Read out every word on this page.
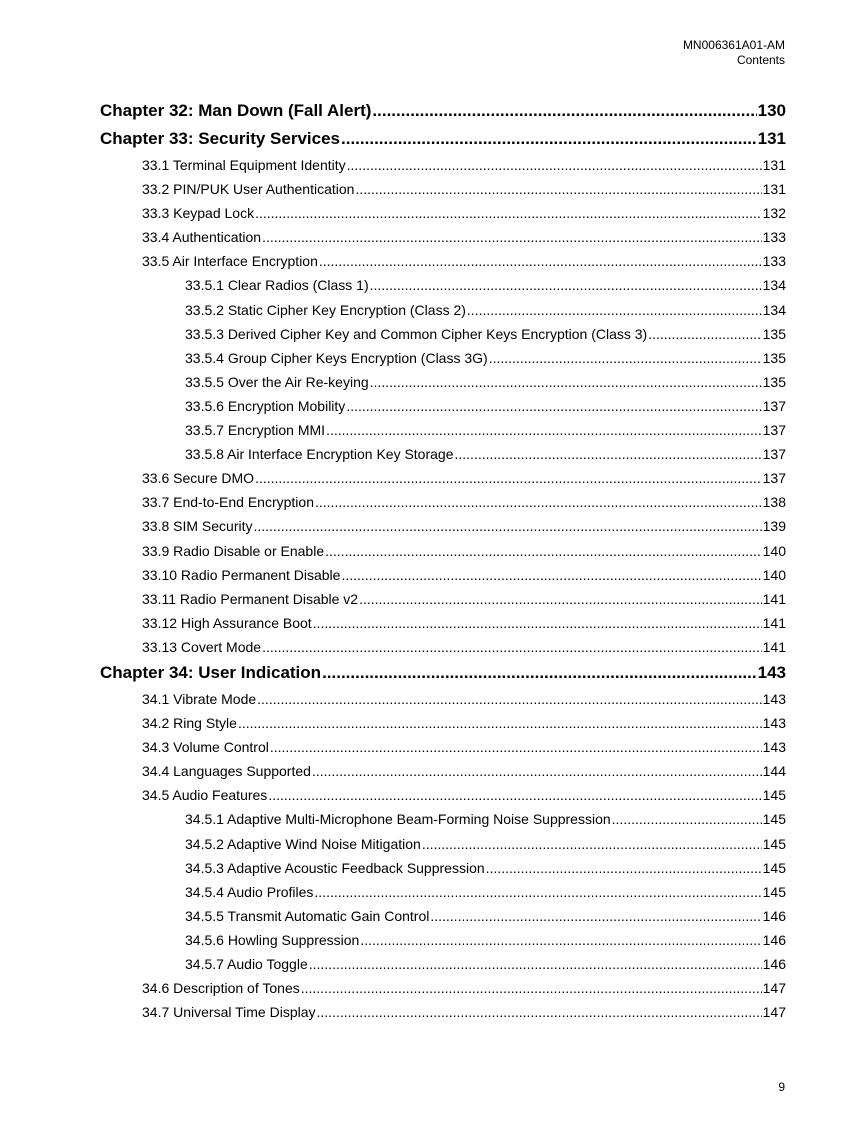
MN006361A01-AM
Contents
Chapter 32: Man Down (Fall Alert) .....	130
Chapter 33: Security Services .....	131
33.1 Terminal Equipment Identity .....	131
33.2 PIN/PUK User Authentication .....	131
33.3 Keypad Lock .....	132
33.4 Authentication .....	133
33.5 Air Interface Encryption .....	133
33.5.1 Clear Radios (Class 1) .....	134
33.5.2 Static Cipher Key Encryption (Class 2) .....	134
33.5.3 Derived Cipher Key and Common Cipher Keys Encryption (Class 3) .....	135
33.5.4 Group Cipher Keys Encryption (Class 3G) .....	135
33.5.5 Over the Air Re-keying .....	135
33.5.6 Encryption Mobility .....	137
33.5.7 Encryption MMI .....	137
33.5.8 Air Interface Encryption Key Storage .....	137
33.6 Secure DMO .....	137
33.7 End-to-End Encryption .....	138
33.8 SIM Security .....	139
33.9 Radio Disable or Enable .....	140
33.10 Radio Permanent Disable .....	140
33.11 Radio Permanent Disable v2 .....	141
33.12 High Assurance Boot .....	141
33.13 Covert Mode .....	141
Chapter 34: User Indication .....	143
34.1 Vibrate Mode .....	143
34.2 Ring Style .....	143
34.3 Volume Control .....	143
34.4 Languages Supported .....	144
34.5 Audio Features .....	145
34.5.1 Adaptive Multi-Microphone Beam-Forming Noise Suppression .....	145
34.5.2 Adaptive Wind Noise Mitigation .....	145
34.5.3 Adaptive Acoustic Feedback Suppression .....	145
34.5.4 Audio Profiles .....	145
34.5.5 Transmit Automatic Gain Control .....	146
34.5.6 Howling Suppression .....	146
34.5.7 Audio Toggle .....	146
34.6 Description of Tones .....	147
34.7 Universal Time Display .....	147
9
